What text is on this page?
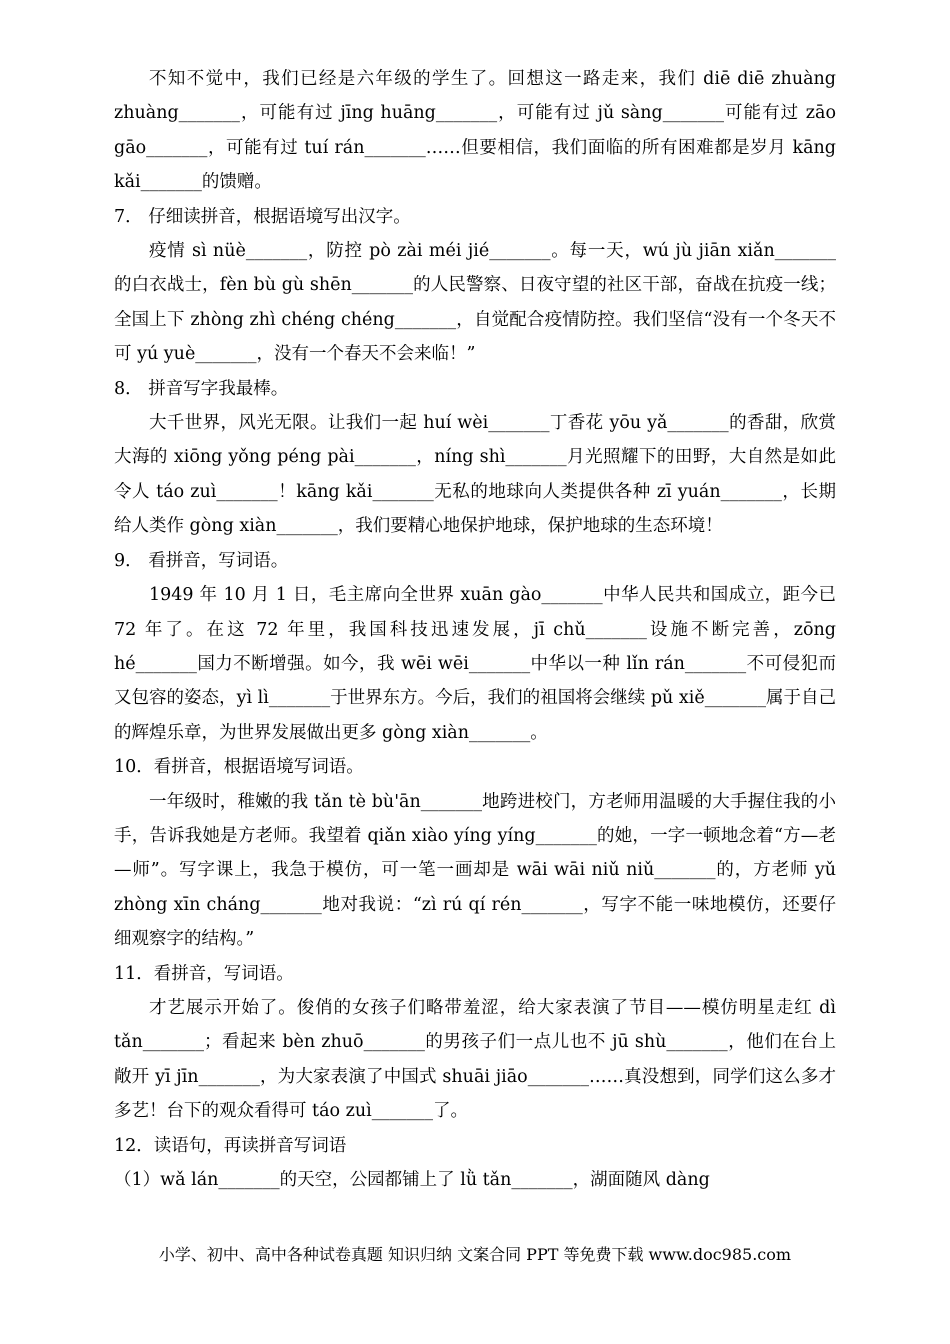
不知不觉中，我们已经是六年级的学生了。回想这一路走来，我们 diē diē zhuàng zhuàng_______，可能有过 jīng huāng_______，可能有过 jǔ sàng_______可能有过 zāo gāo_______，可能有过 tuí rán_______……但要相信，我们面临的所有困难都是岁月 kāng kǎi_______的馈赠。

7． 仔细读拼音，根据语境写出汉字。

疫情 sì nüè_______，防控 pò zài méi jié_______。每一天，wú jù jiān xiǎn_______的白衣战士，fèn bù gù shēn_______的人民警察、日夜守望的社区干部，奋战在抗疫一线；全国上下 zhòng zhì chéng chéng_______，自觉配合疫情防控。我们坚信“没有一个冬天不可 yú yuè_______，没有一个春天不会来临！”

8． 拼音写字我最棒。

大千世界，风光无限。让我们一起 huí wèi_______丁香花 yōu yǎ_______的香甜，欣赏大海的 xiōng yǒng péng pài_______，níng shì_______月光照耀下的田野，大自然是如此令人 táo zuì_______！kāng kǎi_______无私的地球向人类提供各种 zī yuán_______，长期给人类作 gòng xiàn_______，我们要精心地保护地球，保护地球的生态环境！

9． 看拼音，写词语。

1949 年 10 月 1 日，毛主席向全世界 xuān gào_______中华人民共和国成立，距今已 72 年了。在这 72 年里，我国科技迅速发展，jī chǔ_______设施不断完善，zōng hé_______国力不断增强。如今，我 wēi wēi_______中华以一种 lǐn rán_______不可侵犯而又包容的姿态，yì lì_______于世界东方。今后，我们的祖国将会继续 pǔ xiě_______属于自己的辉煌乐章，为世界发展做出更多 gòng xiàn_______。

10．看拼音，根据语境写词语。

一年级时，稚嫩的我 tǎn tè bù'ān_______地跨进校门，方老师用温暖的大手握住我的小手，告诉我她是方老师。我望着 qiǎn xiào yíng yíng_______的她，一字一顿地念着“方—老—师”。写字课上，我急于模仿，可一笔一画却是 wāi wāi niǔ niǔ_______的，方老师 yǔ zhòng xīn cháng_______地对我说：“zì rú qí rén_______，写字不能一味地模仿，还要仔细观察字的结构。”

11．看拼音，写词语。

才艺展示开始了。俊俏的女孩子们略带羞涩，给大家表演了节目——模仿明星走红 dì tǎn_______；看起来 bèn zhuō_______的男孩子们一点儿也不 jū shù_______，他们在台上敞开 yī jīn_______，为大家表演了中国式 shuāi jiāo_______……真没想到，同学们这么多才多艺！台下的观众看得可 táo zuì_______了。

12．读语句，再读拼音写词语

（1）wǎ lán_______的天空，公园都铺上了 lǜ tǎn_______，湖面随风 dàng

小学、初中、高中各种试卷真题 知识归纳 文案合同 PPT 等免费下载 www.doc985.com
